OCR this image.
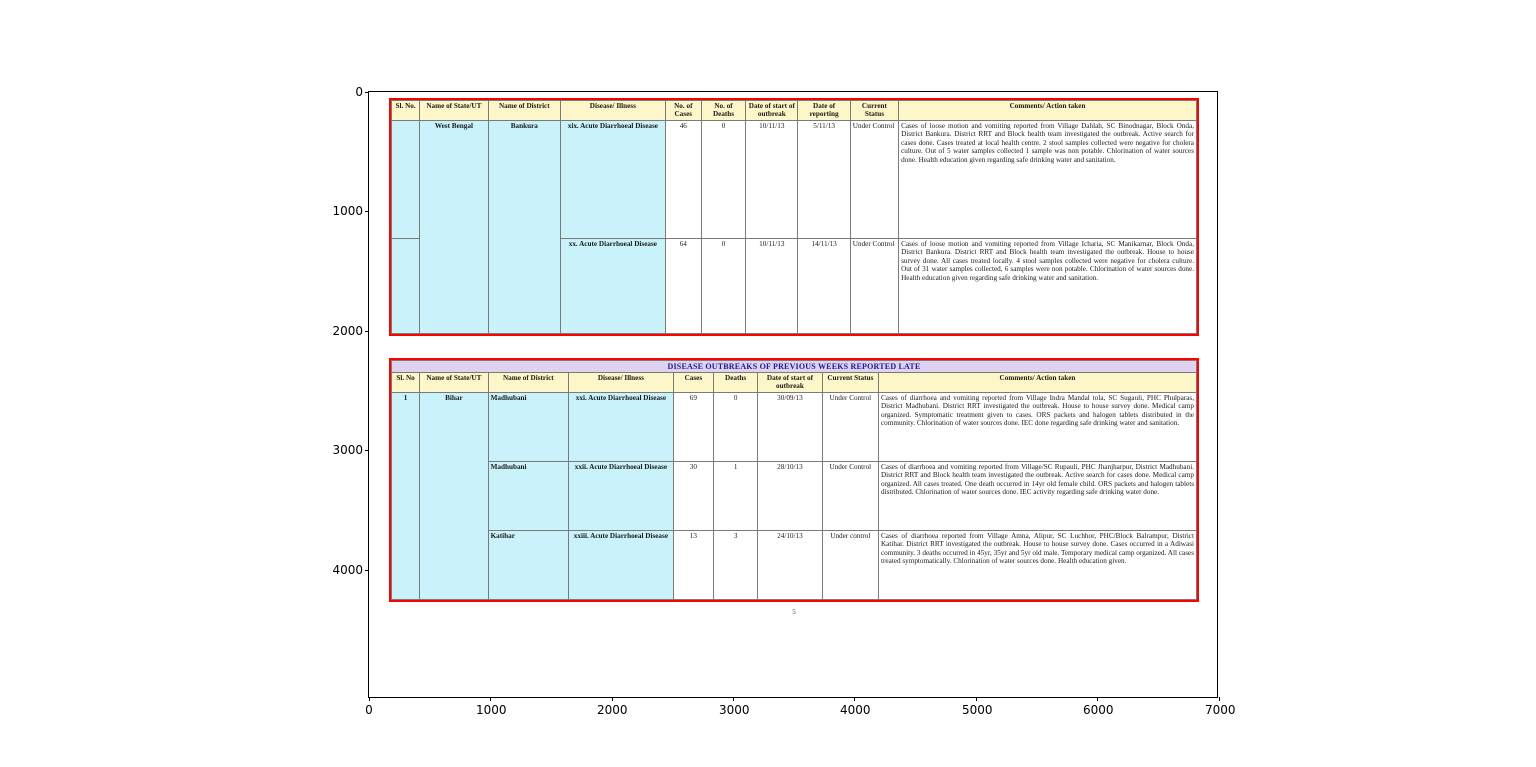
0
1000
2000
3000
4000
0	1000	2000	3000	4000	5000	6000	7000
Sl. No.	Name of State/UT	Name of District	Disease/ Illness	No. of Cases	No. of Deaths	Date of start of outbreak	Date of reporting	Current Status	Comments/ Action taken
	West Bengal	Bankura	xix. Acute Diarrhoeal Disease	46	0	10/11/13	5/11/13	Under Control	Cases of loose motion and vomiting reported from Village Dahlah, SC Binodnagar, Block Onda, District Bankura. District RRT and Block health team investigated the outbreak. Active search for cases done. Cases treated at local health centre. 2 stool samples collected were negative for cholera culture. Out of 5 water samples collected 1 sample was non potable. Chlorination of water sources done. Health education given regarding safe drinking water and sanitation.
			xx. Acute Diarrhoeal Disease	64	0	10/11/13	14/11/13	Under Control	Cases of loose motion and vomiting reported from Village Icharia, SC Manikarnar, Block Onda, District Bankura. District RRT and Block health team investigated the outbreak. House to house survey done. All cases treated locally. 4 stool samples collected were negative for cholera culture. Out of 31 water samples collected, 6 samples were non potable. Chlorination of water sources done. Health education given regarding safe drinking water and sanitation.
DISEASE OUTBREAKS OF PREVIOUS WEEKS REPORTED LATE
Sl. No	Name of State/UT	Name of District	Disease/ Illness	Cases	Deaths	Date of start of outbreak	Current Status	Comments/ Action taken
1	Bihar	Madhubani	xxi. Acute Diarrhoeal Disease	69	0	30/09/13	Under Control	Cases of diarrhoea and vomiting reported from Village Indra Mandal tola, SC Sugauli, PHC Phulparas, District Madhubani. District RRT investigated the outbreak. House to house survey done. Medical camp organized. Symptomatic treatment given to cases. ORS packets and halogen tablets distributed in the community. Chlorination of water sources done. IEC done regarding safe drinking water and sanitation.
		Madhubani	xxii. Acute Diarrhoeal Disease	30	1	28/10/13	Under Control	Cases of diarrhoea and vomiting reported from Village/SC Rupauli, PHC Jhanjharpur, District Madhubani. District RRT and Block health team investigated the outbreak. Active search for cases done. Medical camp organized. All cases treated. One death occurred in 14yr old female child. ORS packets and halogen tablets distributed. Chlorination of water sources done. IEC activity regarding safe drinking water done.
		Katihar	xxiii. Acute Diarrhoeal Disease	13	3	24/10/13	Under control	Cases of diarrhoea reported from Village Amna, Alipur, SC Luchhor, PHC/Block Balrampur, District Katihar. District RRT investigated the outbreak. House to house survey done. Cases occurred in a Adiwasi community. 3 deaths occurred in 45yr, 35yr and 5yr old male. Temporary medical camp organized. All cases treated symptomatically. Chlorination of water sources done. Health education given.
5
